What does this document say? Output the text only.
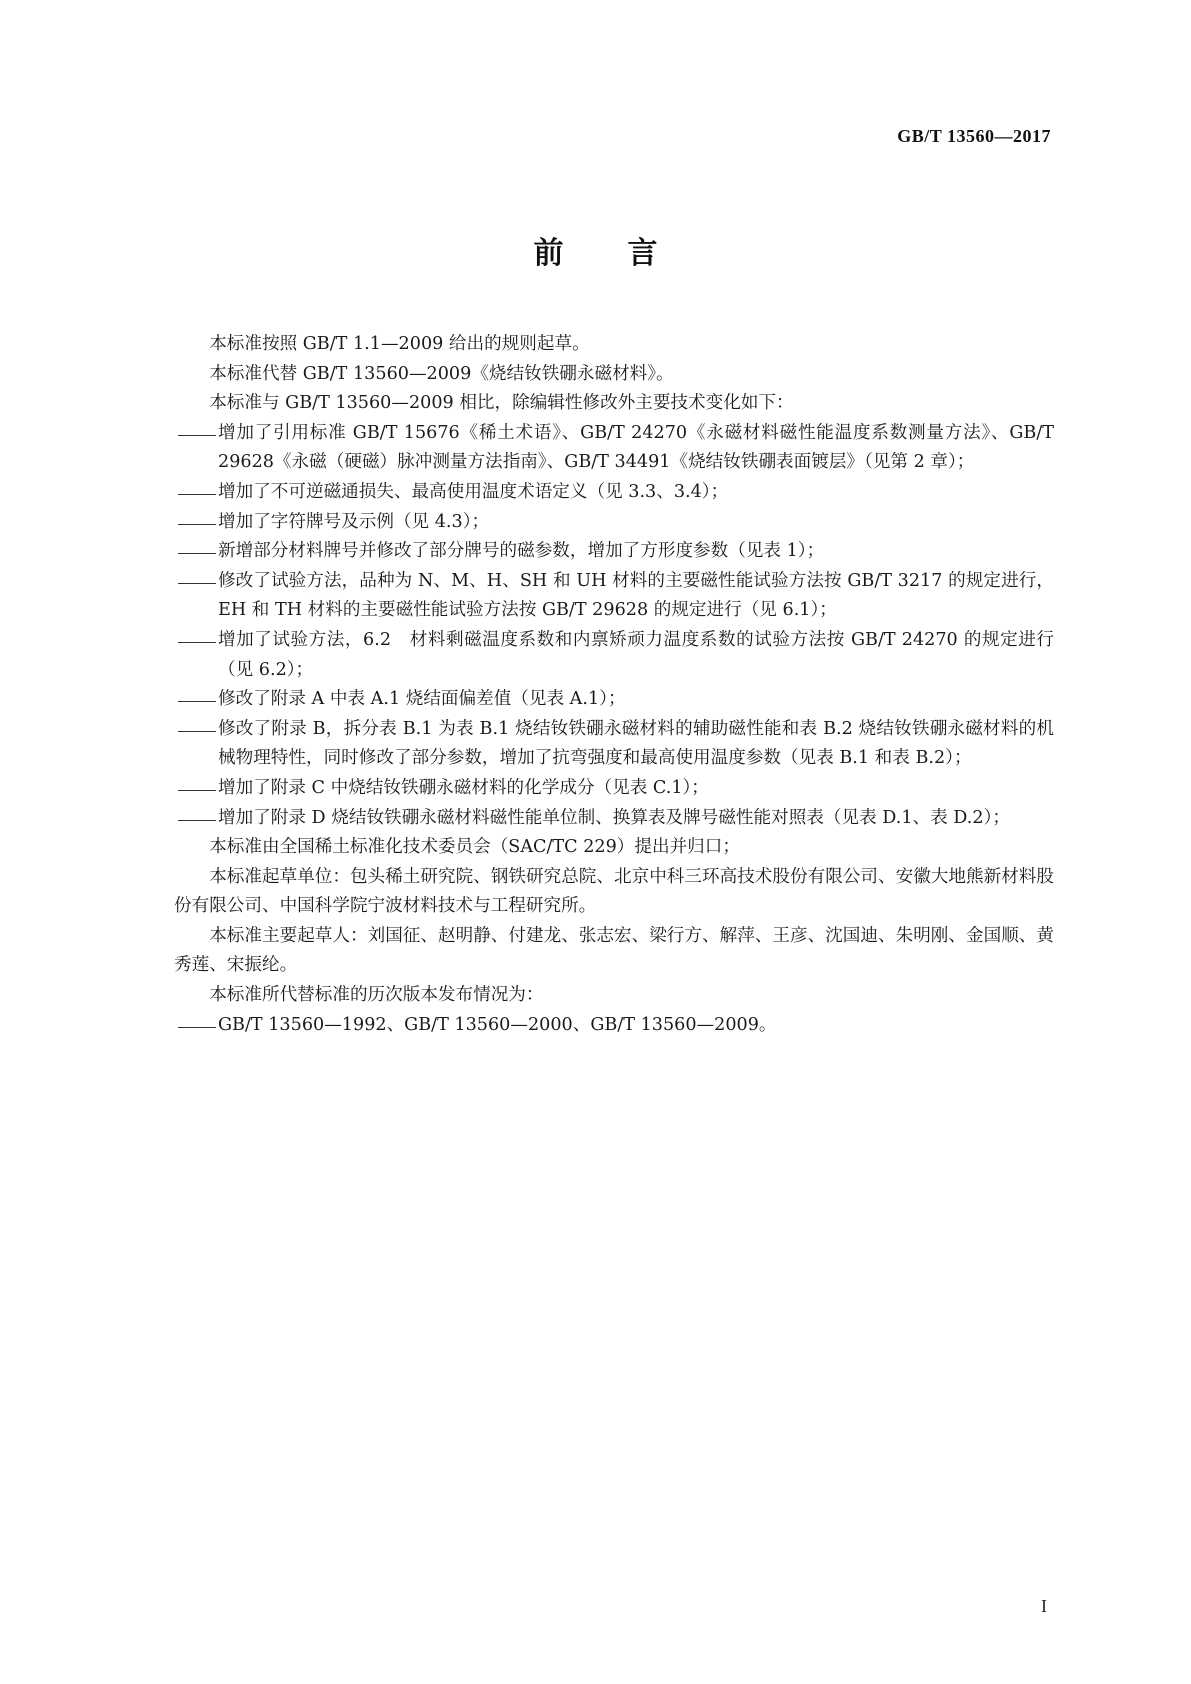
GB/T 13560—2017
前 言

本标准按照 GB/T 1.1—2009 给出的规则起草。

本标准代替 GB/T 13560—2009《烧结钕铁硼永磁材料》。

本标准与 GB/T 13560—2009 相比，除编辑性修改外主要技术变化如下：

增加了引用标准 GB/T 15676《稀土术语》、GB/T 24270《永磁材料磁性能温度系数测量方法》、GB/T 29628《永磁（硬磁）脉冲测量方法指南》、GB/T 34491《烧结钕铁硼表面镀层》（见第 2 章）；
增加了不可逆磁通损失、最高使用温度术语定义（见 3.3、3.4）；
增加了字符牌号及示例（见 4.3）；
新增部分材料牌号并修改了部分牌号的磁参数，增加了方形度参数（见表 1）；
修改了试验方法，品种为 N、M、H、SH 和 UH 材料的主要磁性能试验方法按 GB/T 3217 的规定进行，EH 和 TH 材料的主要磁性能试验方法按 GB/T 29628 的规定进行（见 6.1）；
增加了试验方法，6.2　材料剩磁温度系数和内禀矫顽力温度系数的试验方法按 GB/T 24270 的规定进行（见 6.2）；
修改了附录 A 中表 A.1 烧结面偏差值（见表 A.1）；
修改了附录 B，拆分表 B.1 为表 B.1 烧结钕铁硼永磁材料的辅助磁性能和表 B.2 烧结钕铁硼永磁材料的机械物理特性，同时修改了部分参数，增加了抗弯强度和最高使用温度参数（见表 B.1 和表 B.2）；
增加了附录 C 中烧结钕铁硼永磁材料的化学成分（见表 C.1）；
增加了附录 D 烧结钕铁硼永磁材料磁性能单位制、换算表及牌号磁性能对照表（见表 D.1、表 D.2）；

本标准由全国稀土标准化技术委员会（SAC/TC 229）提出并归口；

本标准起草单位：包头稀土研究院、钢铁研究总院、北京中科三环高技术股份有限公司、安徽大地熊新材料股份有限公司、中国科学院宁波材料技术与工程研究所。

本标准主要起草人：刘国征、赵明静、付建龙、张志宏、梁行方、解萍、王彦、沈国迪、朱明刚、金国顺、黄秀莲、宋振纶。

本标准所代替标准的历次版本发布情况为：

GB/T 13560—1992、GB/T 13560—2000、GB/T 13560—2009。
I
